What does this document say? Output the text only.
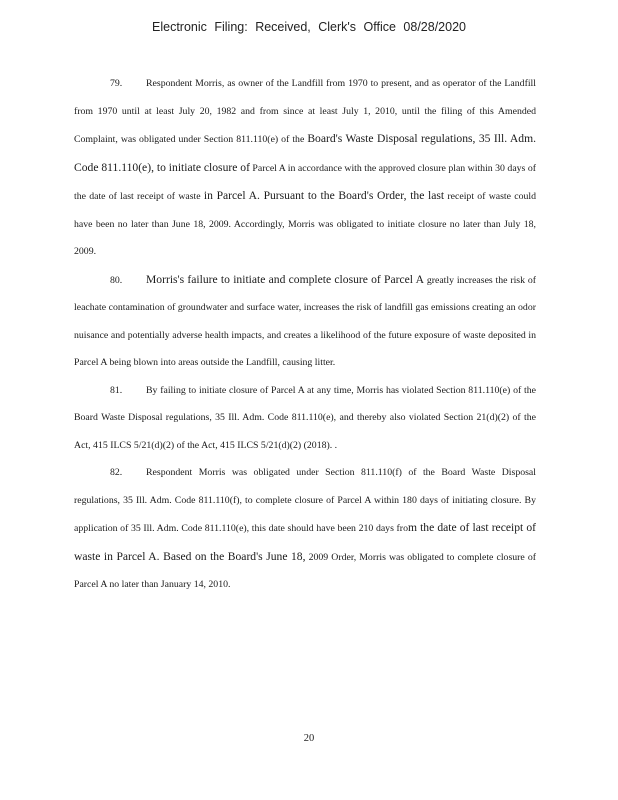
Electronic Filing: Received, Clerk's Office 08/28/2020

79. Respondent Morris, as owner of the Landfill from 1970 to present, and as operator of the Landfill from 1970 until at least July 20, 1982 and from since at least July 1, 2010, until the filing of this Amended Complaint, was obligated under Section 811.110(e) of the Board's Waste Disposal regulations, 35 Ill. Adm. Code 811.110(e), to initiate closure of Parcel A in accordance with the approved closure plan within 30 days of the date of last receipt of waste in Parcel A. Pursuant to the Board's Order, the last receipt of waste could have been no later than June 18, 2009. Accordingly, Morris was obligated to initiate closure no later than July 18, 2009.

80. Morris's failure to initiate and complete closure of Parcel A greatly increases the risk of leachate contamination of groundwater and surface water, increases the risk of landfill gas emissions creating an odor nuisance and potentially adverse health impacts, and creates a likelihood of the future exposure of waste deposited in Parcel A being blown into areas outside the Landfill, causing litter.

81. By failing to initiate closure of Parcel A at any time, Morris has violated Section 811.110(e) of the Board Waste Disposal regulations, 35 Ill. Adm. Code 811.110(e), and thereby also violated Section 21(d)(2) of the Act, 415 ILCS 5/21(d)(2) of the Act, 415 ILCS 5/21(d)(2) (2018). .

82. Respondent Morris was obligated under Section 811.110(f) of the Board Waste Disposal regulations, 35 Ill. Adm. Code 811.110(f), to complete closure of Parcel A within 180 days of initiating closure. By application of 35 Ill. Adm. Code 811.110(e), this date should have been 210 days from the date of last receipt of waste in Parcel A. Based on the Board's June 18, 2009 Order, Morris was obligated to complete closure of Parcel A no later than January 14, 2010.

20
